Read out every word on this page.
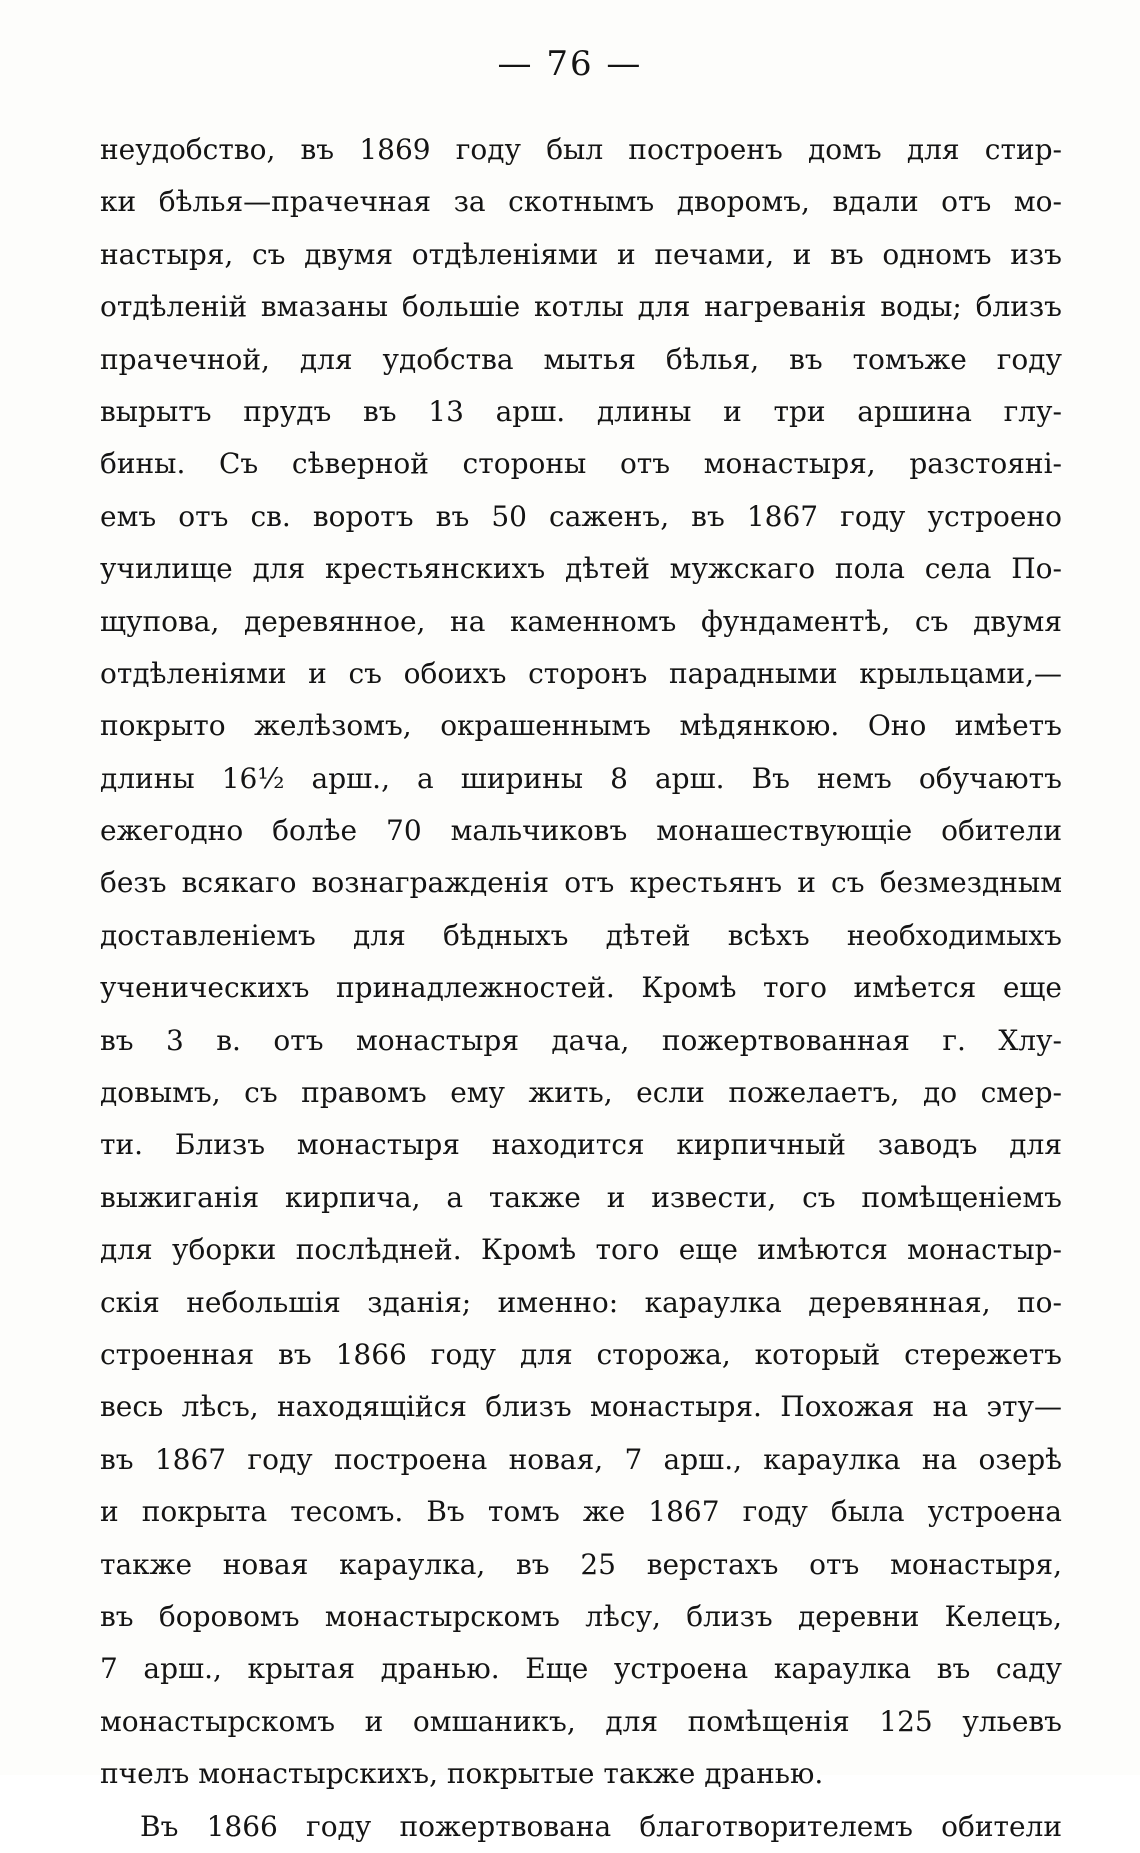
— 76 —
неудобство, въ 1869 году был построенъ домъ для стир-
ки бѣлья—прачечная за скотнымъ дворомъ, вдали отъ мо-
настыря, съ двумя отдѣленіями и печами, и въ одномъ изъ
отдѣленій вмазаны большіе котлы для нагреванія воды; близъ
прачечной, для удобства мытья бѣлья, въ томъже году
вырытъ прудъ въ 13 арш. длины и три аршина глу-
бины. Съ сѣверной стороны отъ монастыря, разстояні-
емъ отъ св. воротъ въ 50 саженъ, въ 1867 году устроено
училище для крестьянскихъ дѣтей мужскаго пола села По-
щупова, деревянное, на каменномъ фундаментѣ, съ двумя
отдѣленіями и съ обоихъ сторонъ парадными крыльцами,—
покрыто желѣзомъ, окрашеннымъ мѣдянкою. Оно имѣетъ
длины 16½ арш., а ширины 8 арш. Въ немъ обучаютъ
ежегодно болѣе 70 мальчиковъ монашествующіе обители
безъ всякаго вознагражденія отъ крестьянъ и съ безмездным
доставленіемъ для бѣдныхъ дѣтей всѣхъ необходимыхъ
ученическихъ принадлежностей. Кромѣ того имѣется еще
въ 3 в. отъ монастыря дача, пожертвованная г. Хлу-
довымъ, съ правомъ ему жить, если пожелаетъ, до смер-
ти. Близъ монастыря находится кирпичный заводъ для
выжиганія кирпича, а также и извести, съ помѣщеніемъ
для уборки послѣдней. Кромѣ того еще имѣются монастыр-
скія небольшія зданія; именно: караулка деревянная, по-
строенная въ 1866 году для сторожа, который стережетъ
весь лѣсъ, находящійся близъ монастыря. Похожая на эту—
въ 1867 году построена новая, 7 арш., караулка на озерѣ
и покрыта тесомъ. Въ томъ же 1867 году была устроена
также новая караулка, въ 25 верстахъ отъ монастыря,
въ боровомъ монастырскомъ лѣсу, близъ деревни Келецъ,
7 арш., крытая дранью. Еще устроена караулка въ саду
монастырскомъ и омшаникъ, для помѣщенія 125 ульевъ
пчелъ монастырскихъ, покрытые также дранью.
Въ 1866 году пожертвована благотворителемъ обители
